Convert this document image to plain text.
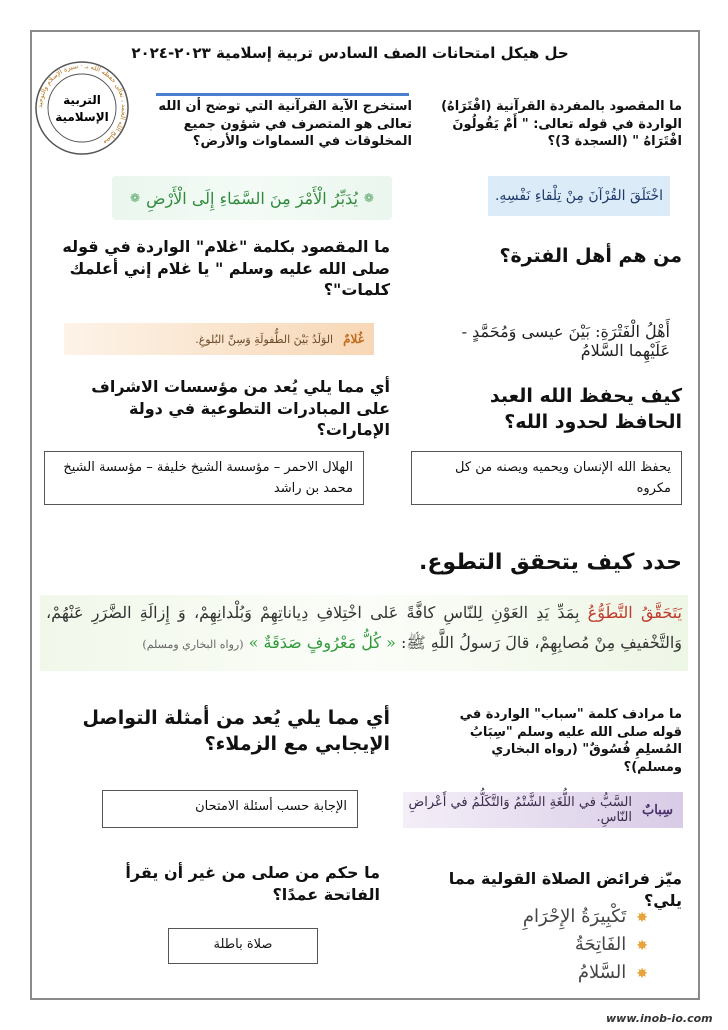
حل هيكل امتحانات الصف السادس تربية إسلامية ٢٠٢٣-٢٠٢٤
مصلح الله الحمد ، تعالى حفظه الله بـ · سيرة الإسلام والتوحيد
التربية
الإسلامية
ما المقصود بالمفردة القرآنية (افْتَرَاهُ) الواردة في قوله تعالى: " أَمْ يَقُولُونَ افْتَرَاهُ " (السجدة 3)؟
اخْتَلَقَ القُرْآنَ مِنْ تِلْقاءِ نَفْسِهِ.
استخرج الآية القرآنية التي توضح أن الله تعالى هو المتصرف في شؤون جميع المخلوقات في السماوات والأرض؟
❁
يُدَبِّرُ الْأَمْرَ مِنَ السَّمَاءِ إِلَى الْأَرْضِ
❁
من هم أهل الفترة؟
أَهْلُ الْفَتْرَةِ: بَيْنَ عيسى وَمُحَمَّدٍ - عَلَيْهِما السَّلامُ
ما المقصود بكلمة "غلام" الواردة في قوله صلى الله عليه وسلم " يا غلام إني أعلمك كلمات"؟
غُلامٌ
الوَلَدُ بَيْنَ الطُّفولَةِ وَسِنِّ البُلوغِ.
كيف يحفظ الله العبد الحافظ لحدود الله؟
يحفظ الله الإنسان ويحميه ويصنه من كل مكروه
أي مما يلي يُعد من مؤسسات الاشراف على المبادرات التطوعية في دولة الإمارات؟
الهلال الاحمر – مؤسسة الشيخ خليفة – مؤسسة الشيخ محمد بن راشد
حدد كيف يتحقق التطوع.
يَتَحَقَّقُ التَّطَوُّعُ بِمَدِّ يَدِ العَوْنِ لِلنّاسِ كافَّةً عَلى اخْتِلافِ دِياناتِهِمْ وَبُلْدانِهِمْ، وَ إِزالَةِ الضَّرَرِ عَنْهُمْ، وَالتَّخْفيفِ مِنْ مُصابِهِمْ، قالَ رَسولُ اللَّهِ ﷺ: « كُلُّ مَعْرُوفٍ صَدَقَةٌ » (رواه البخاري ومسلم)
ما مرادف كلمة "سباب" الواردة في قوله صلى الله عليه وسلم "سِبَابُ المُسلِمِ فُسُوقٌ" (رواه البخاري ومسلم)؟
سِبابٌ
السَّبُّ في اللُّغَةِ الشَّتْمُ وَالتَّكَلُّمُ في أَعْراضِ النّاسِ.
أي مما يلي يُعد من أمثلة التواصل الإيجابي مع الزملاء؟
الإجابة حسب أسئلة الامتحان
ميّز فرائض الصلاة القولية مما يلي؟
✸تَكْبِيرَةُ الإِحْرَامِ
✸الفَاتِحَةُ
✸السَّلامُ
ما حكم من صلى من غير أن يقرأ الفاتحة عمدًا؟
صلاة باطلة
www.inob-io.com
